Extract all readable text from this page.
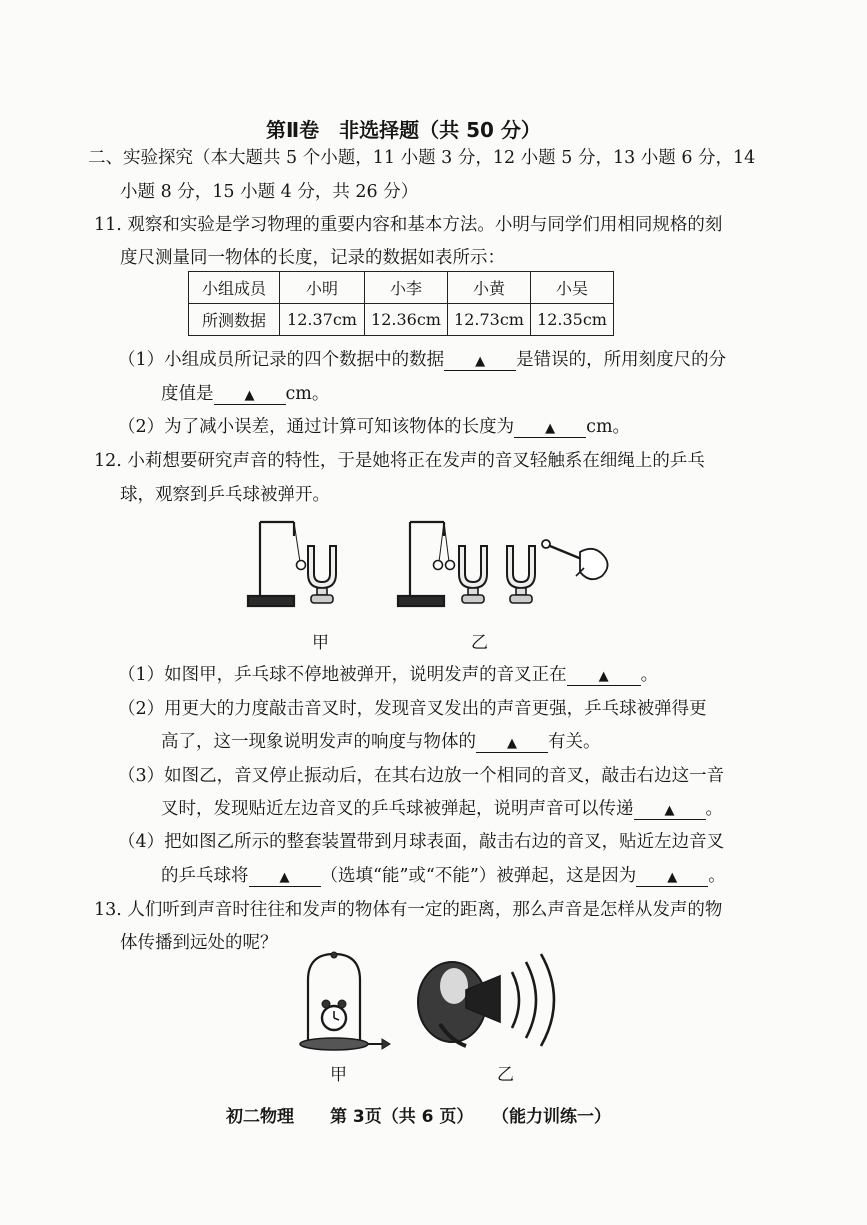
第Ⅱ卷　非选择题（共 50 分）
二、实验探究（本大题共 5 个小题，11 小题 3 分，12 小题 5 分，13 小题 6 分，14
小题 8 分，15 小题 4 分，共 26 分）
11. 观察和实验是学习物理的重要内容和基本方法。小明与同学们用相同规格的刻
度尺测量同一物体的长度，记录的数据如表所示：
小组成员	小明	小李	小黄	小吴
所测数据	12.37cm	12.36cm	12.73cm	12.35cm
（1）小组成员所记录的四个数据中的数据 ▲ 是错误的，所用刻度尺的分
度值是 ▲ cm。
（2）为了减小误差，通过计算可知该物体的长度为 ▲ cm。
12. 小莉想要研究声音的特性，于是她将正在发声的音叉轻触系在细绳上的乒乓
球，观察到乒乓球被弹开。
甲	乙
（1）如图甲，乒乓球不停地被弹开，说明发声的音叉正在 ▲ 。
（2）用更大的力度敲击音叉时，发现音叉发出的声音更强，乒乓球被弹得更
高了，这一现象说明发声的响度与物体的 ▲ 有关。
（3）如图乙，音叉停止振动后，在其右边放一个相同的音叉，敲击右边这一音
叉时，发现贴近左边音叉的乒乓球被弹起，说明声音可以传递 ▲ 。
（4）把如图乙所示的整套装置带到月球表面，敲击右边的音叉，贴近左边音叉
的乒乓球将 ▲ （选填“能”或“不能”）被弹起，这是因为 ▲ 。
13. 人们听到声音时往往和发声的物体有一定的距离，那么声音是怎样从发声的物
体传播到远处的呢？
甲	乙
初二物理 第 3页（共 6 页） （能力训练一）
